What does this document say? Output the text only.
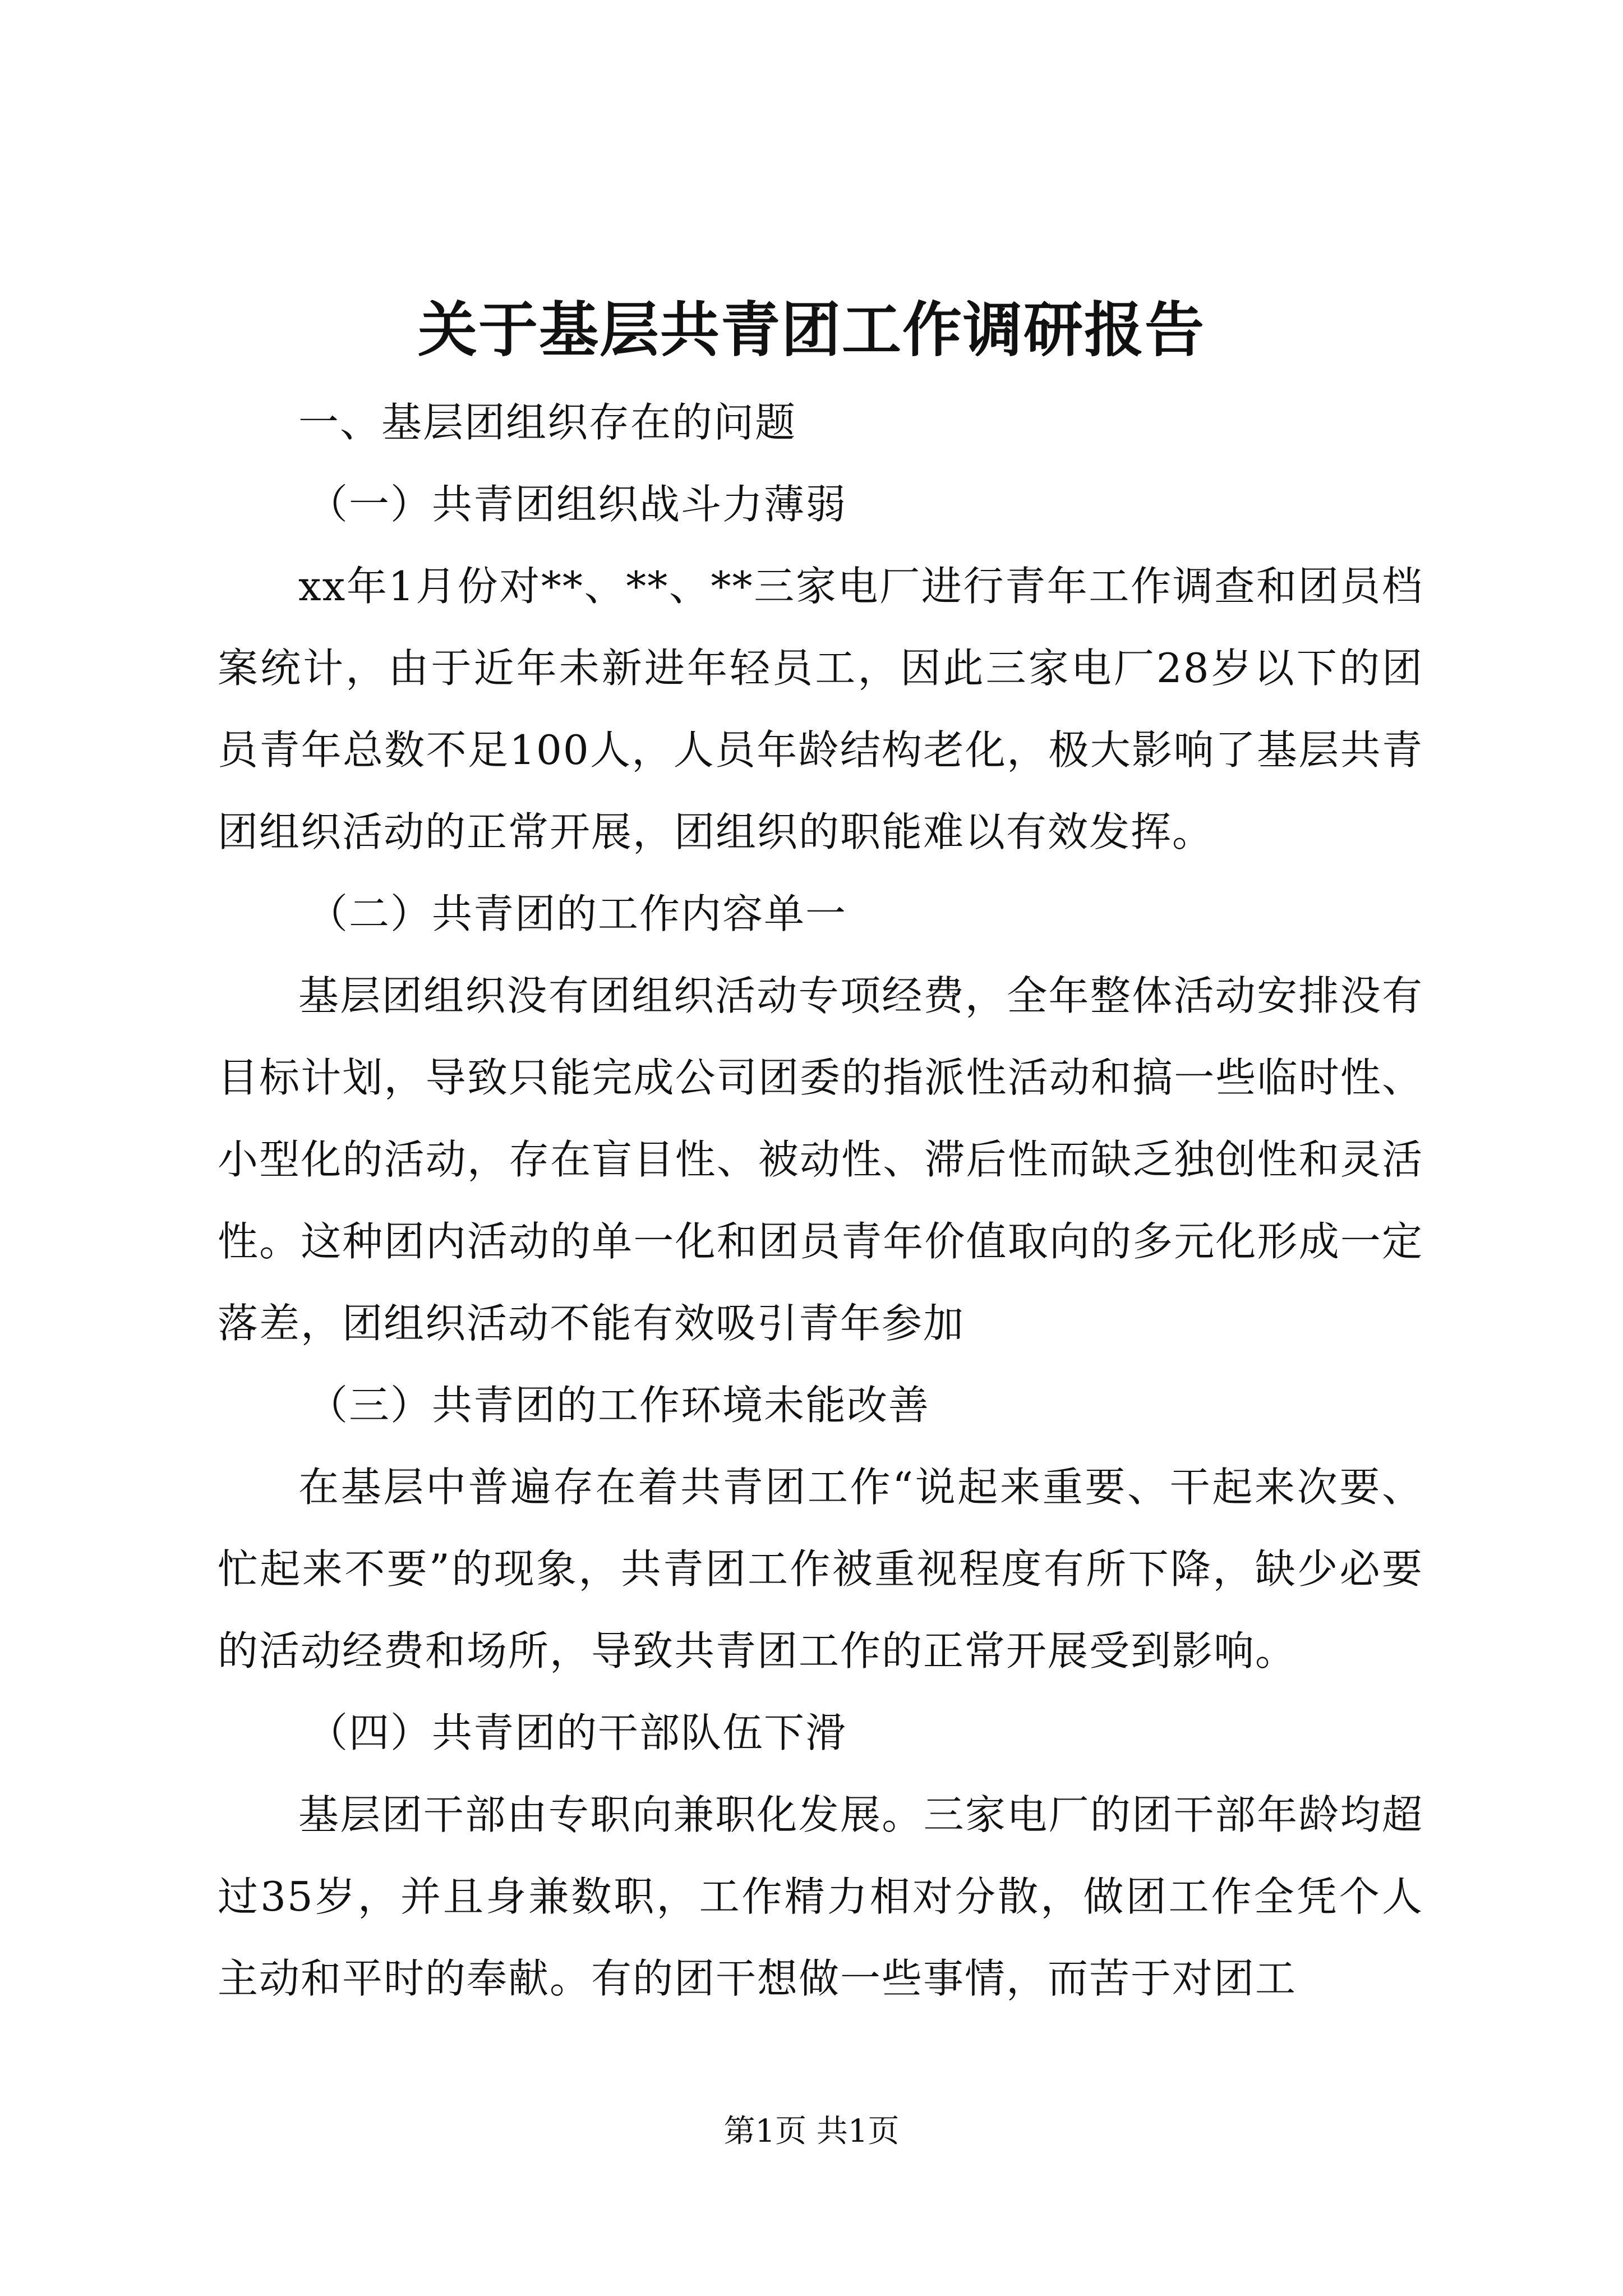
关于基层共青团工作调研报告

一、基层团组织存在的问题

（一）共青团组织战斗力薄弱

xx年1月份对**、**、**三家电厂进行青年工作调查和团员档案统计，由于近年未新进年轻员工，因此三家电厂28岁以下的团员青年总数不足100人，人员年龄结构老化，极大影响了基层共青团组织活动的正常开展，团组织的职能难以有效发挥。

（二）共青团的工作内容单一

基层团组织没有团组织活动专项经费，全年整体活动安排没有目标计划，导致只能完成公司团委的指派性活动和搞一些临时性、小型化的活动，存在盲目性、被动性、滞后性而缺乏独创性和灵活性。这种团内活动的单一化和团员青年价值取向的多元化形成一定落差，团组织活动不能有效吸引青年参加

（三）共青团的工作环境未能改善

在基层中普遍存在着共青团工作“说起来重要、干起来次要、忙起来不要”的现象，共青团工作被重视程度有所下降，缺少必要的活动经费和场所，导致共青团工作的正常开展受到影响。

（四）共青团的干部队伍下滑

基层团干部由专职向兼职化发展。三家电厂的团干部年龄均超过35岁，并且身兼数职，工作精力相对分散，做团工作全凭个人主动和平时的奉献。有的团干想做一些事情，而苦于对团工

第1页 共1页
